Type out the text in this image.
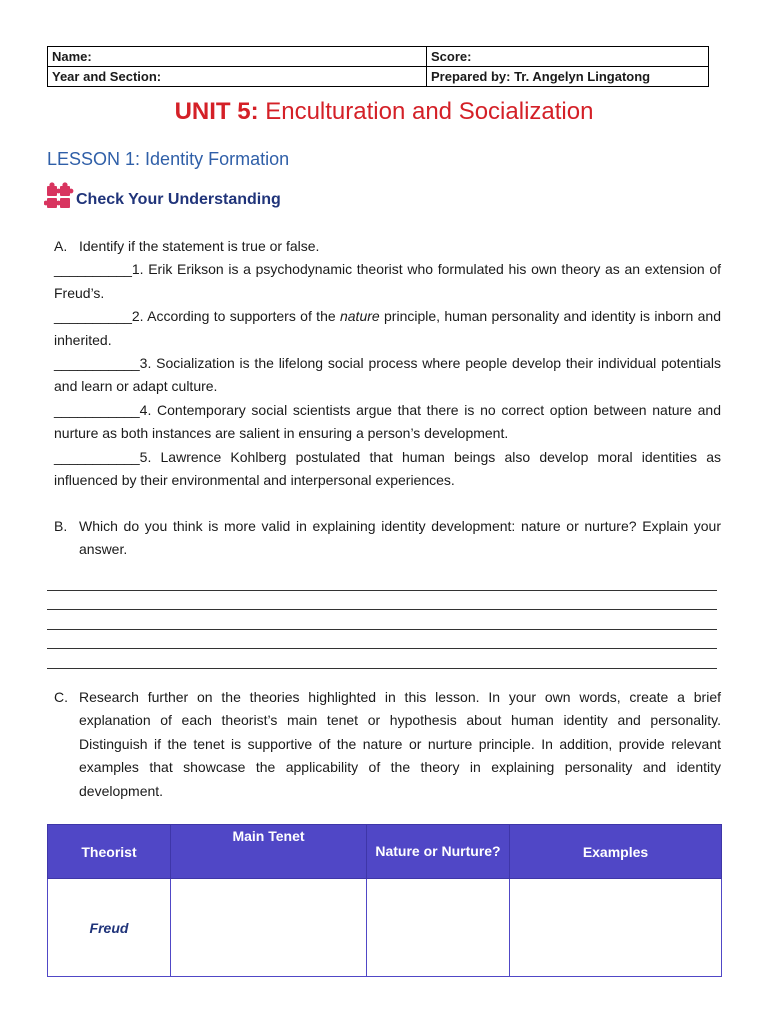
Name:	Score:
Year and Section:	Prepared by: Tr. Angelyn Lingatong
UNIT 5: Enculturation and Socialization
LESSON 1: Identity Formation
Check Your Understanding

A. Identify if the statement is true or false.

__________1. Erik Erikson is a psychodynamic theorist who formulated his own theory as an extension of Freud’s.

__________2. According to supporters of the nature principle, human personality and identity is inborn and inherited.

___________3. Socialization is the lifelong social process where people develop their individual potentials and learn or adapt culture.

___________4. Contemporary social scientists argue that there is no correct option between nature and nurture as both instances are salient in ensuring a person’s development.

___________5. Lawrence Kohlberg postulated that human beings also develop moral identities as influenced by their environmental and interpersonal experiences.

B. Which do you think is more valid in explaining identity development: nature or nurture? Explain your answer.

C. Research further on the theories highlighted in this lesson. In your own words, create a brief explanation of each theorist’s main tenet or hypothesis about human identity and personality. Distinguish if the tenet is supportive of the nature or nurture principle. In addition, provide relevant examples that showcase the applicability of the theory in explaining personality and identity development.

Theorist	Main Tenet	Nature or Nurture?	Examples
Freud			
